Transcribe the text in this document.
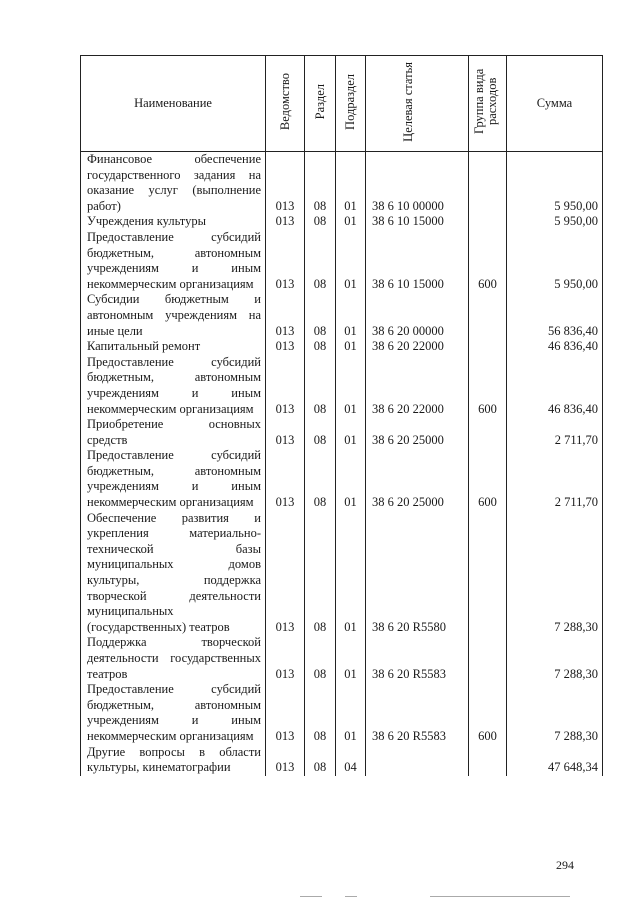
Наименование	Ведомство	Раздел	Подраздел	Целевая статья	Группа вида расходов	Сумма
Финансовое обеспечение государственного задания на оказание услуг (выполнение работ)	013	08	01	38 6 10 00000		5 950,00
Учреждения культуры	013	08	01	38 6 10 15000		5 950,00
Предоставление субсидий бюджетным, автономным учреждениям и иным некоммерческим организациям	013	08	01	38 6 10 15000	600	5 950,00
Субсидии бюджетным и автономным учреждениям на иные цели	013	08	01	38 6 20 00000		56 836,40
Капитальный ремонт	013	08	01	38 6 20 22000		46 836,40
Предоставление субсидий бюджетным, автономным учреждениям и иным некоммерческим организациям	013	08	01	38 6 20 22000	600	46 836,40
Приобретение основных средств	013	08	01	38 6 20 25000		2 711,70
Предоставление субсидий бюджетным, автономным учреждениям и иным некоммерческим организациям	013	08	01	38 6 20 25000	600	2 711,70
Обеспечение развития и укрепления материально-технической базы муниципальных домов культуры, поддержка творческой деятельности муниципальных (государственных) театров	013	08	01	38 6 20 R5580		7 288,30
Поддержка творческой деятельности государственных театров	013	08	01	38 6 20 R5583		7 288,30
Предоставление субсидий бюджетным, автономным учреждениям и иным некоммерческим организациям	013	08	01	38 6 20 R5583	600	7 288,30
Другие вопросы в области культуры, кинематографии	013	08	04			47 648,34
294
